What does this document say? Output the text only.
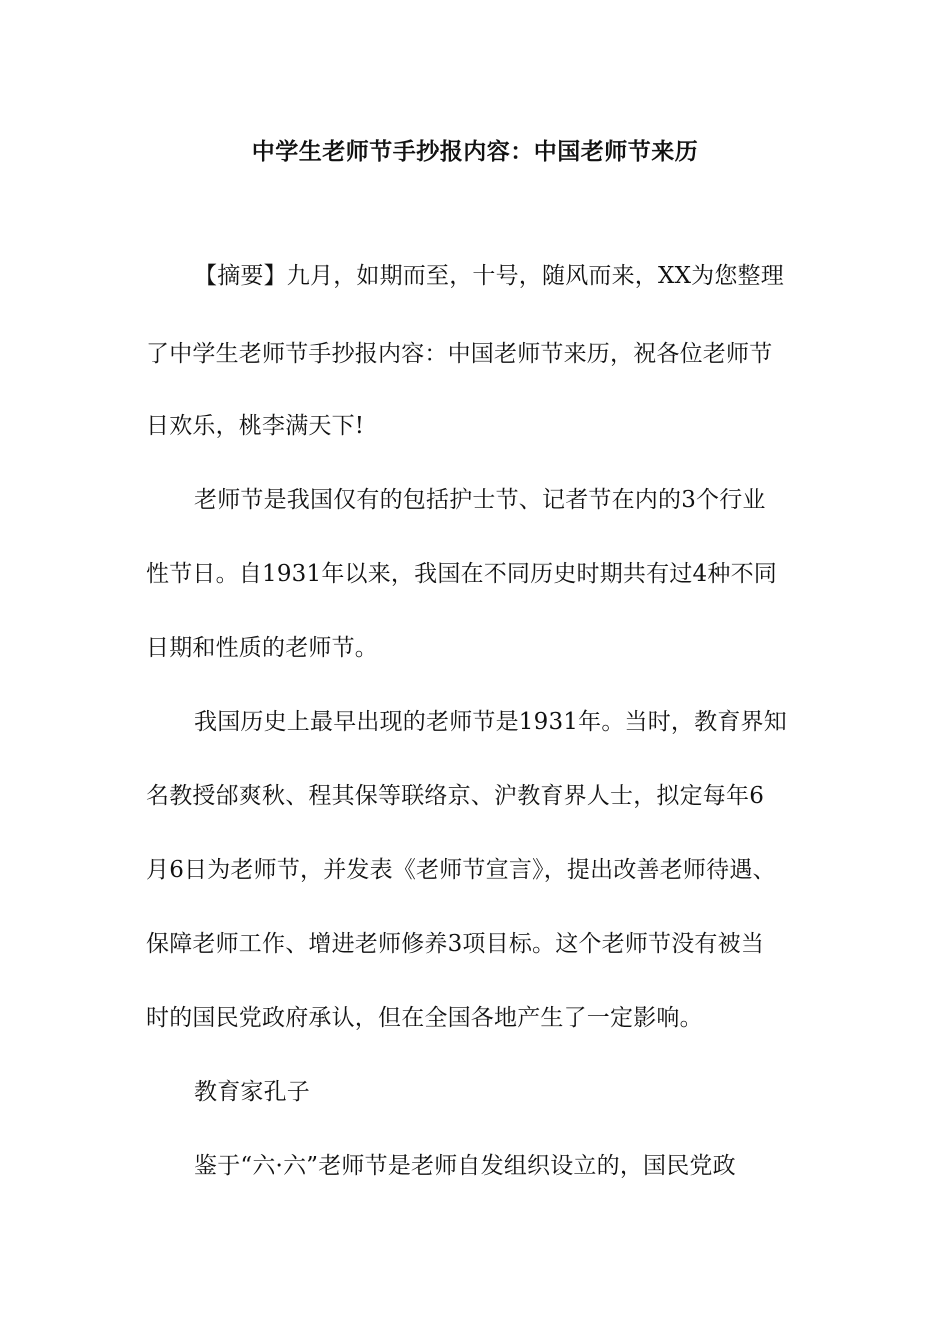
中学生老师节手抄报内容：中国老师节来历
【摘要】九月，如期而至，十号，随风而来，XX为您整理
了中学生老师节手抄报内容：中国老师节来历，祝各位老师节
日欢乐，桃李满天下!
老师节是我国仅有的包括护士节、记者节在内的3个行业
性节日。自1931年以来，我国在不同历史时期共有过4种不同
日期和性质的老师节。
我国历史上最早出现的老师节是1931年。当时，教育界知
名教授邰爽秋、程其保等联络京、沪教育界人士，拟定每年6
月6日为老师节，并发表《老师节宣言》，提出改善老师待遇、
保障老师工作、增进老师修养3项目标。这个老师节没有被当
时的国民党政府承认，但在全国各地产生了一定影响。
教育家孔子
鉴于“六·六”老师节是老师自发组织设立的，国民党政
